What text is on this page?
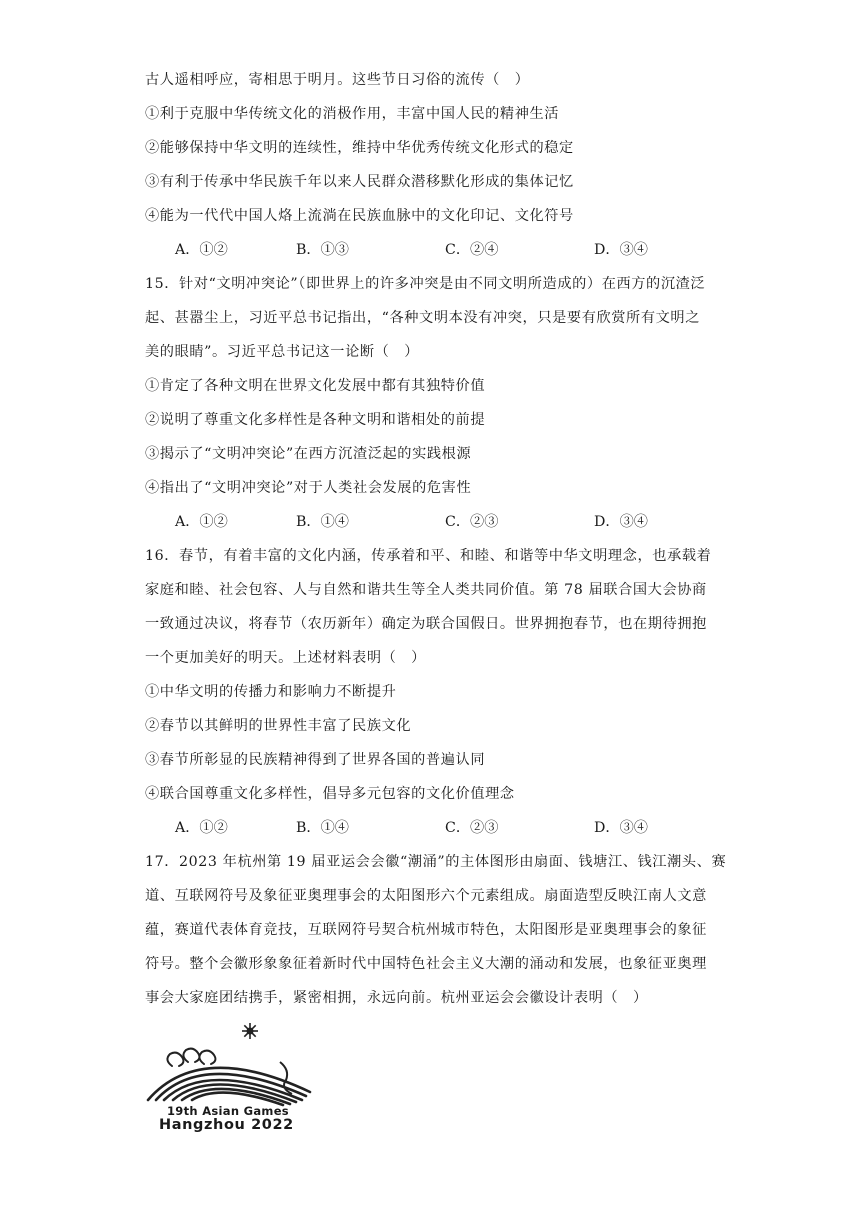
古人遥相呼应，寄相思于明月。这些节日习俗的流传（　）
①利于克服中华传统文化的消极作用，丰富中国人民的精神生活
②能够保持中华文明的连续性，维持中华优秀传统文化形式的稳定
③有利于传承中华民族千年以来人民群众潜移默化形成的集体记忆
④能为一代代中国人烙上流淌在民族血脉中的文化印记、文化符号
A．①②	B．①③	C．②④	D．③④
15．针对“文明冲突论”（即世界上的许多冲突是由不同文明所造成的）在西方的沉渣泛
起、甚嚣尘上，习近平总书记指出，“各种文明本没有冲突，只是要有欣赏所有文明之
美的眼睛”。习近平总书记这一论断（　）
①肯定了各种文明在世界文化发展中都有其独特价值
②说明了尊重文化多样性是各种文明和谐相处的前提
③揭示了“文明冲突论”在西方沉渣泛起的实践根源
④指出了“文明冲突论”对于人类社会发展的危害性
A．①②	B．①④	C．②③	D．③④
16．春节，有着丰富的文化内涵，传承着和平、和睦、和谐等中华文明理念，也承载着
家庭和睦、社会包容、人与自然和谐共生等全人类共同价值。第 78 届联合国大会协商
一致通过决议，将春节（农历新年）确定为联合国假日。世界拥抱春节，也在期待拥抱
一个更加美好的明天。上述材料表明（　）
①中华文明的传播力和影响力不断提升
②春节以其鲜明的世界性丰富了民族文化
③春节所彰显的民族精神得到了世界各国的普遍认同
④联合国尊重文化多样性，倡导多元包容的文化价值理念
A．①②	B．①④	C．②③	D．③④
17．2023 年杭州第 19 届亚运会会徽“潮涌”的主体图形由扇面、钱塘江、钱江潮头、赛
道、互联网符号及象征亚奥理事会的太阳图形六个元素组成。扇面造型反映江南人文意
蕴，赛道代表体育竞技，互联网符号契合杭州城市特色，太阳图形是亚奥理事会的象征
符号。整个会徽形象象征着新时代中国特色社会主义大潮的涌动和发展，也象征亚奥理
事会大家庭团结携手，紧密相拥，永远向前。杭州亚运会会徽设计表明（　）
19th Asian Games
Hangzhou 2022
